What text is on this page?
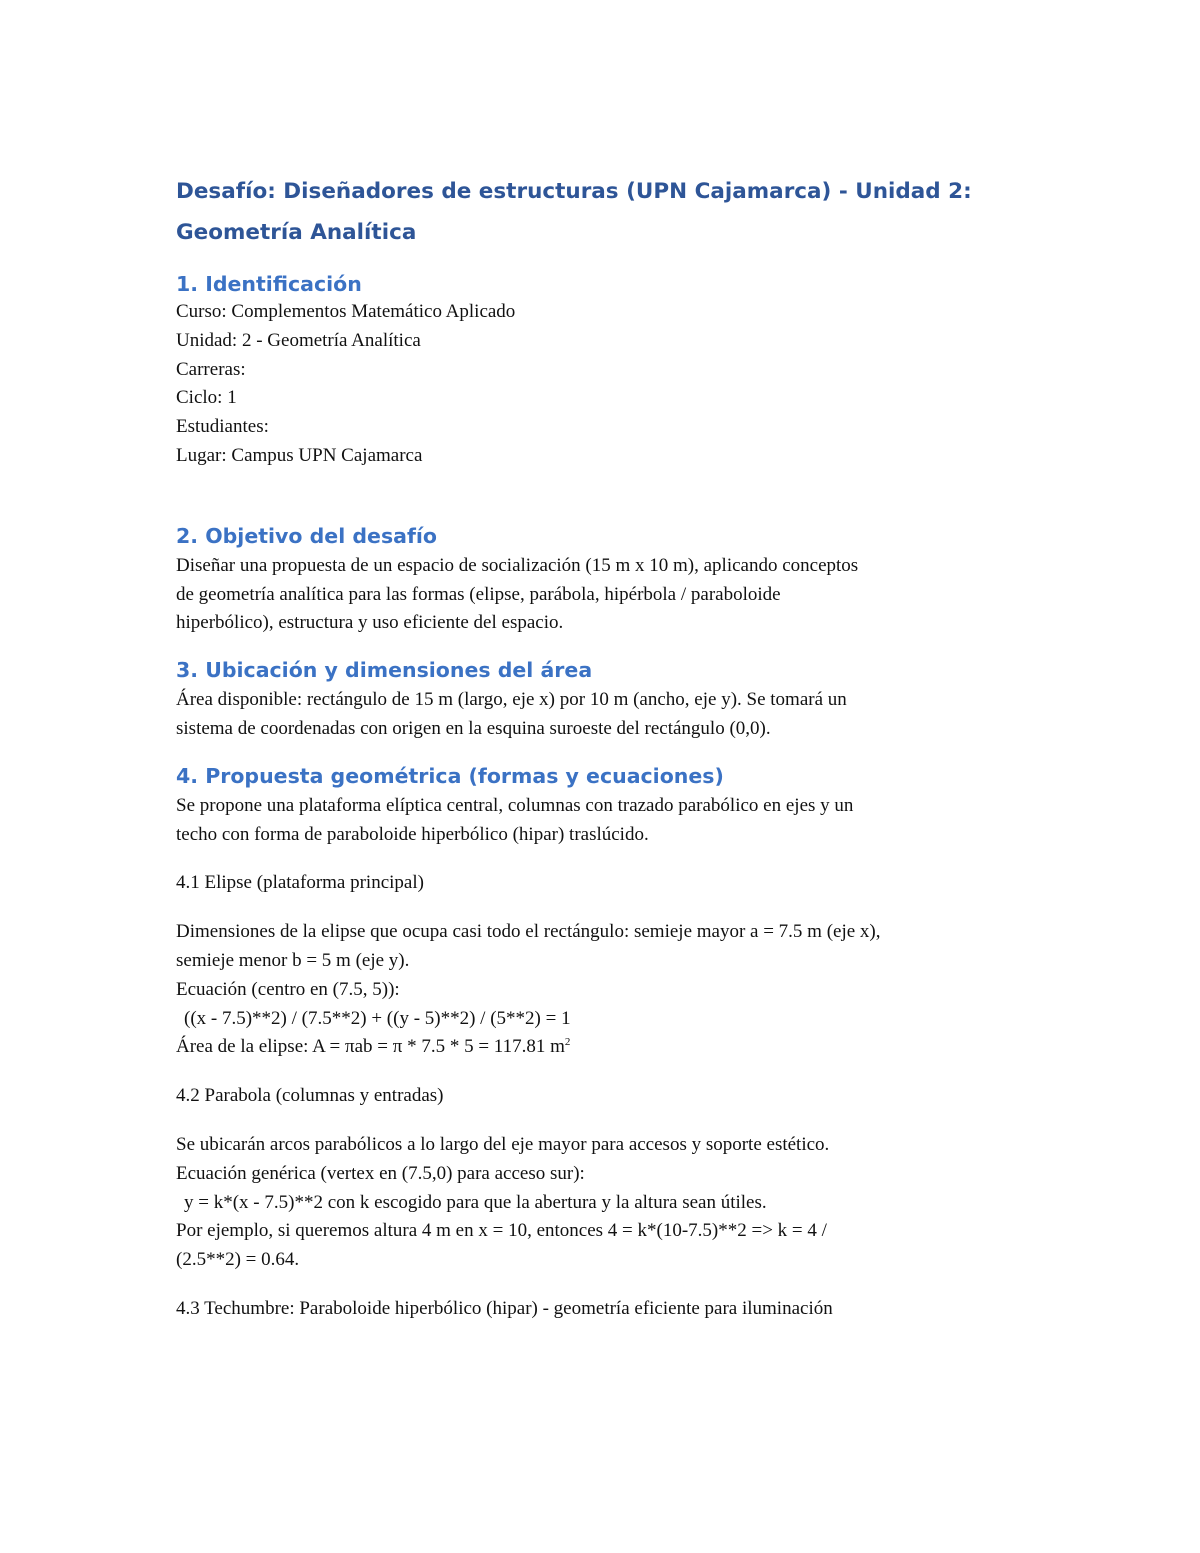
Desafío: Diseñadores de estructuras (UPN Cajamarca) - Unidad 2:
Geometría Analítica
1. Identificación

Curso: Complementos Matemático Aplicado

Unidad: 2 - Geometría Analítica

Carreras:

Ciclo: 1

Estudiantes:

Lugar: Campus UPN Cajamarca

2. Objetivo del desafío

Diseñar una propuesta de un espacio de socialización (15 m x 10 m), aplicando conceptos

de geometría analítica para las formas (elipse, parábola, hipérbola / paraboloide

hiperbólico), estructura y uso eficiente del espacio.

3. Ubicación y dimensiones del área

Área disponible: rectángulo de 15 m (largo, eje x) por 10 m (ancho, eje y). Se tomará un

sistema de coordenadas con origen en la esquina suroeste del rectángulo (0,0).

4. Propuesta geométrica (formas y ecuaciones)

Se propone una plataforma elíptica central, columnas con trazado parabólico en ejes y un

techo con forma de paraboloide hiperbólico (hipar) traslúcido.

4.1 Elipse (plataforma principal)

Dimensiones de la elipse que ocupa casi todo el rectángulo: semieje mayor a = 7.5 m (eje x),

semieje menor b = 5 m (eje y).

Ecuación (centro en (7.5, 5)):

((x - 7.5)**2) / (7.5**2) + ((y - 5)**2) / (5**2) = 1

Área de la elipse: A = πab = π * 7.5 * 5 = 117.81 $m^2$

4.2 Parabola (columnas y entradas)

Se ubicarán arcos parabólicos a lo largo del eje mayor para accesos y soporte estético.

Ecuación genérica (vertex en (7.5,0) para acceso sur):

y = k*(x - 7.5)**2 con k escogido para que la abertura y la altura sean útiles.

Por ejemplo, si queremos altura 4 m en x = 10, entonces 4 = k*(10-7.5)**2 => k = 4 /

(2.5**2) = 0.64.

4.3 Techumbre: Paraboloide hiperbólico (hipar) - geometría eficiente para iluminación
